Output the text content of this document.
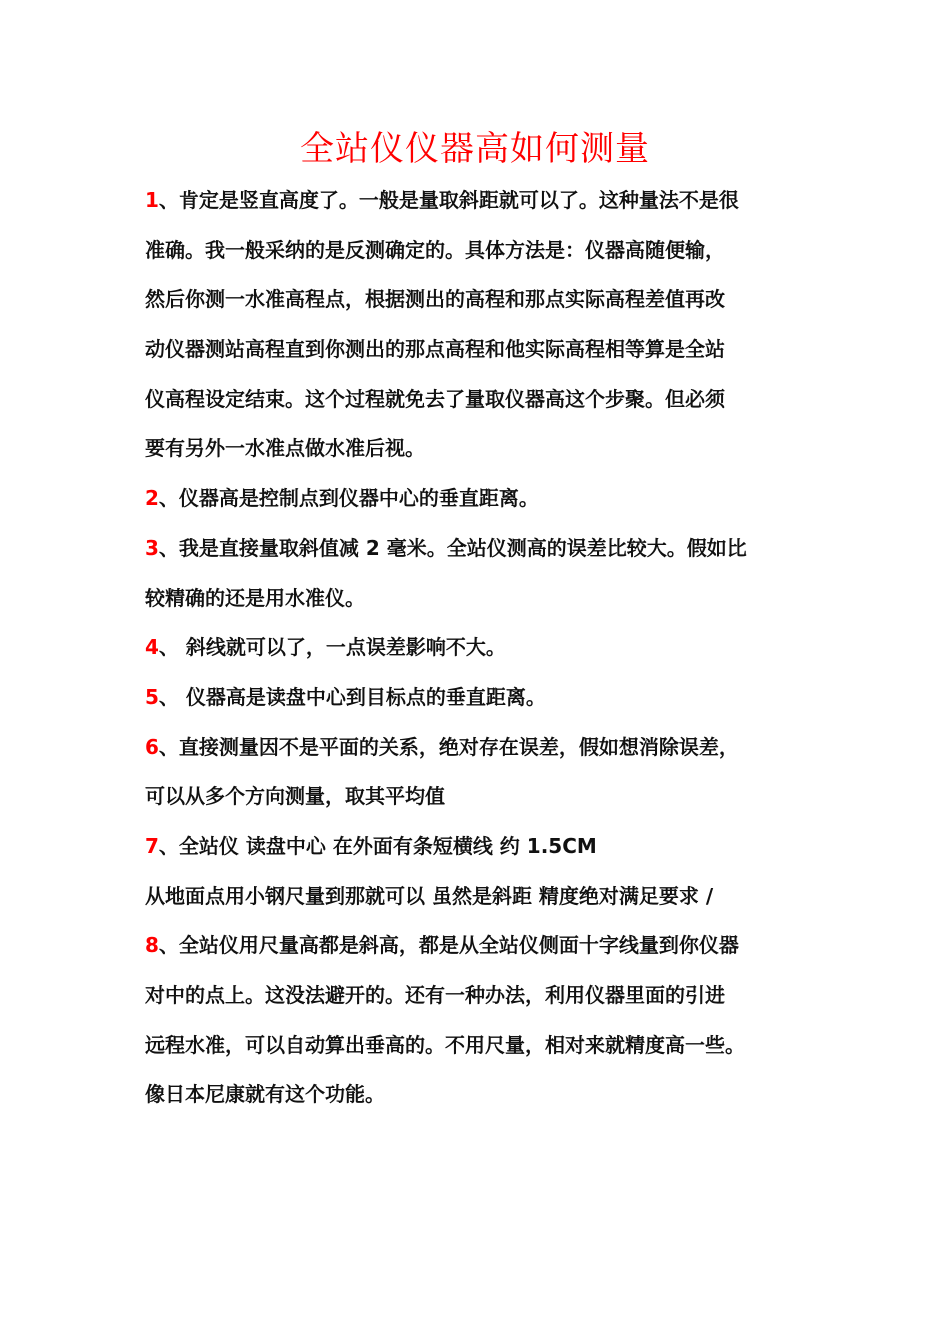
全站仪仪器高如何测量
1、肯定是竖直高度了。一般是量取斜距就可以了。这种量法不是很
准确。我一般采纳的是反测确定的。具体方法是：仪器高随便输，
然后你测一水准高程点，根据测出的高程和那点实际高程差值再改
动仪器测站高程直到你测出的那点高程和他实际高程相等算是全站
仪高程设定结束。这个过程就免去了量取仪器高这个步聚。但必须
要有另外一水准点做水准后视。
2、仪器高是控制点到仪器中心的垂直距离。
3、我是直接量取斜值减 2 毫米。全站仪测高的误差比较大。假如比
较精确的还是用水准仪。
4、 斜线就可以了，一点误差影响不大。
5、 仪器高是读盘中心到目标点的垂直距离。
6、直接测量因不是平面的关系，绝对存在误差，假如想消除误差，
可以从多个方向测量，取其平均值
7、全站仪 读盘中心 在外面有条短横线 约 1.5CM
从地面点用小钢尺量到那就可以 虽然是斜距 精度绝对满足要求 /
8、全站仪用尺量高都是斜高，都是从全站仪侧面十字线量到你仪器
对中的点上。这没法避开的。还有一种办法，利用仪器里面的引进
远程水准，可以自动算出垂高的。不用尺量，相对来就精度高一些。
像日本尼康就有这个功能。
